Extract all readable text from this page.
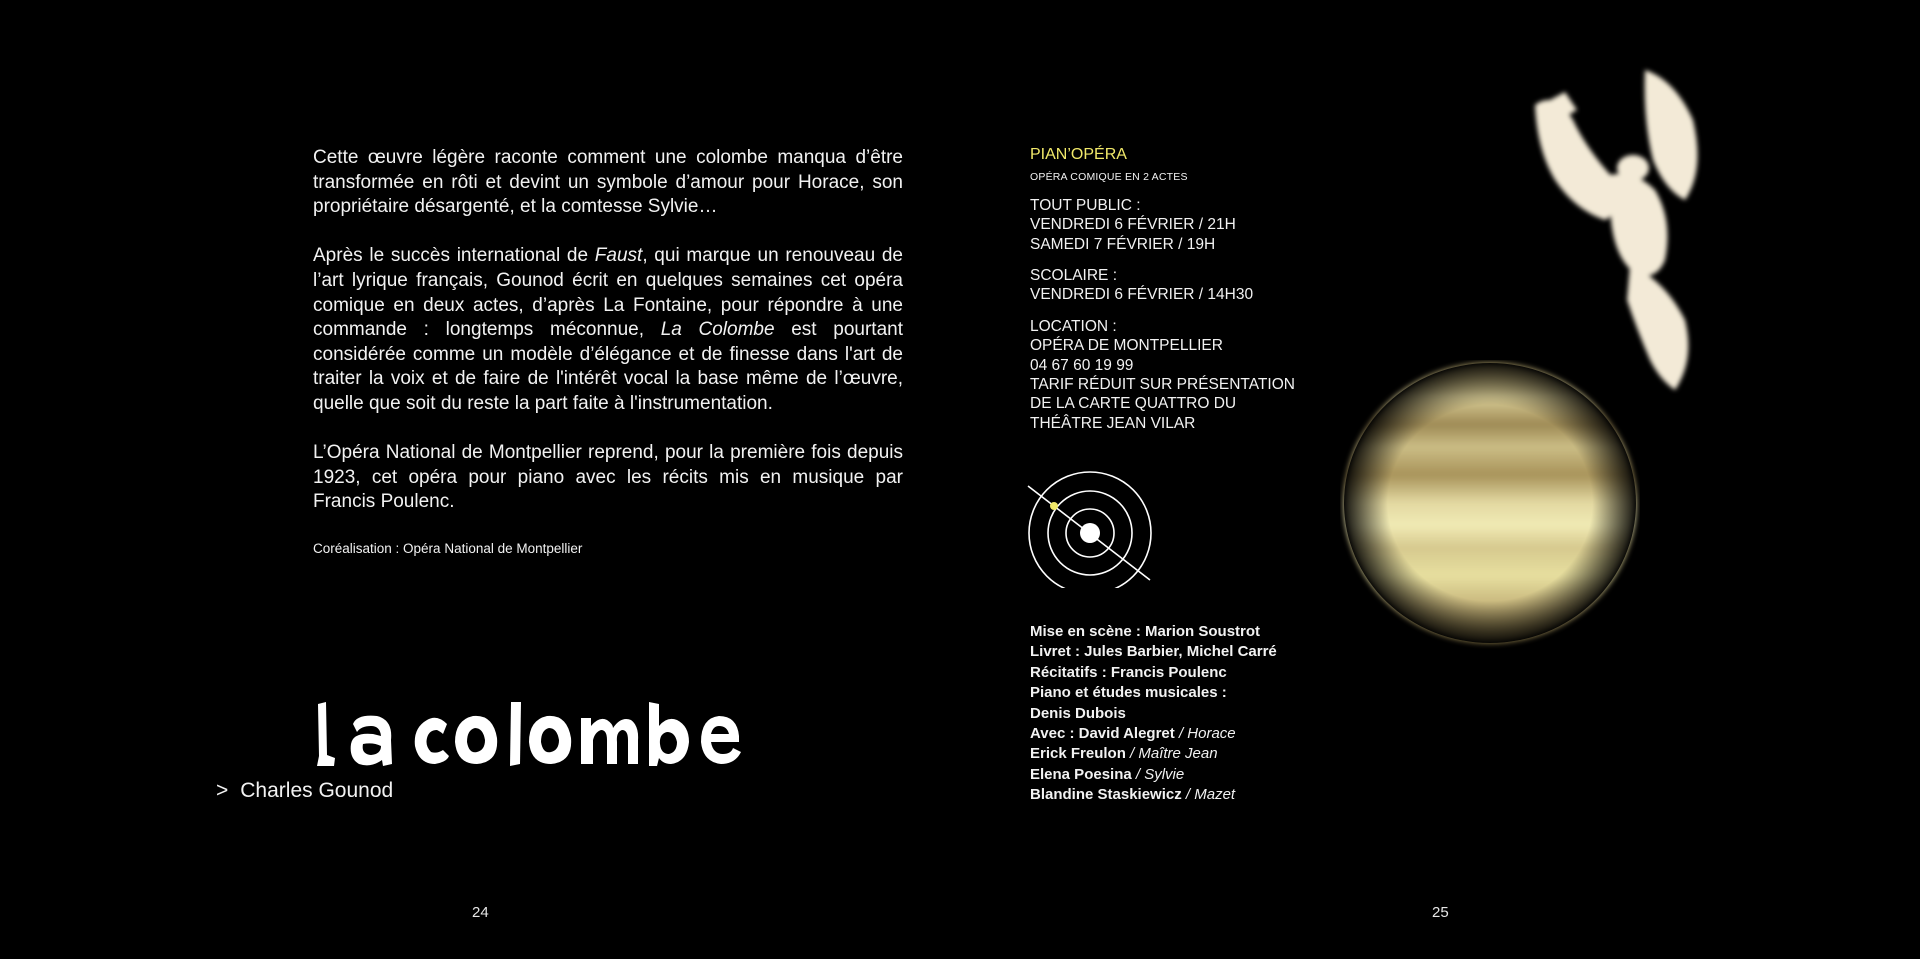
Cette œuvre légère raconte comment une colombe manqua d’être transformée en rôti et devint un symbole d’amour pour Horace, son propriétaire désargenté, et la comtesse Sylvie…

Après le succès international de Faust, qui marque un renouveau de l’art lyrique français, Gounod écrit en quelques semaines cet opéra comique en deux actes, d’après La Fontaine, pour répondre à une commande : longtemps méconnue, La Colombe est pourtant considérée comme un modèle d’élégance et de finesse dans l'art de traiter la voix et de faire de l'intérêt vocal la base même de l’œuvre, quelle que soit du reste la part faite à l'instrumentation.

L’Opéra National de Montpellier reprend, pour la première fois depuis 1923, cet opéra pour piano avec les récits mis en musique par Francis Poulenc.

Coréalisation : Opéra National de Montpellier

> Charles Gounod
24
PIAN’OPÉRA
OPÉRA COMIQUE EN 2 ACTES
TOUT PUBLIC :
VENDREDI 6 FÉVRIER / 21H
SAMEDI 7 FÉVRIER / 19H
SCOLAIRE :
VENDREDI 6 FÉVRIER / 14H30
LOCATION :
OPÉRA DE MONTPELLIER
04 67 60 19 99
TARIF RÉDUIT SUR PRÉSENTATION
DE LA CARTE QUATTRO DU
THÉÂTRE JEAN VILAR
Mise en scène : Marion Soustrot
Livret : Jules Barbier, Michel Carré
Récitatifs : Francis Poulenc
Piano et études musicales :
Denis Dubois
Avec : David Alegret / Horace
Erick Freulon / Maître Jean
Elena Poesina / Sylvie
Blandine Staskiewicz / Mazet
25
